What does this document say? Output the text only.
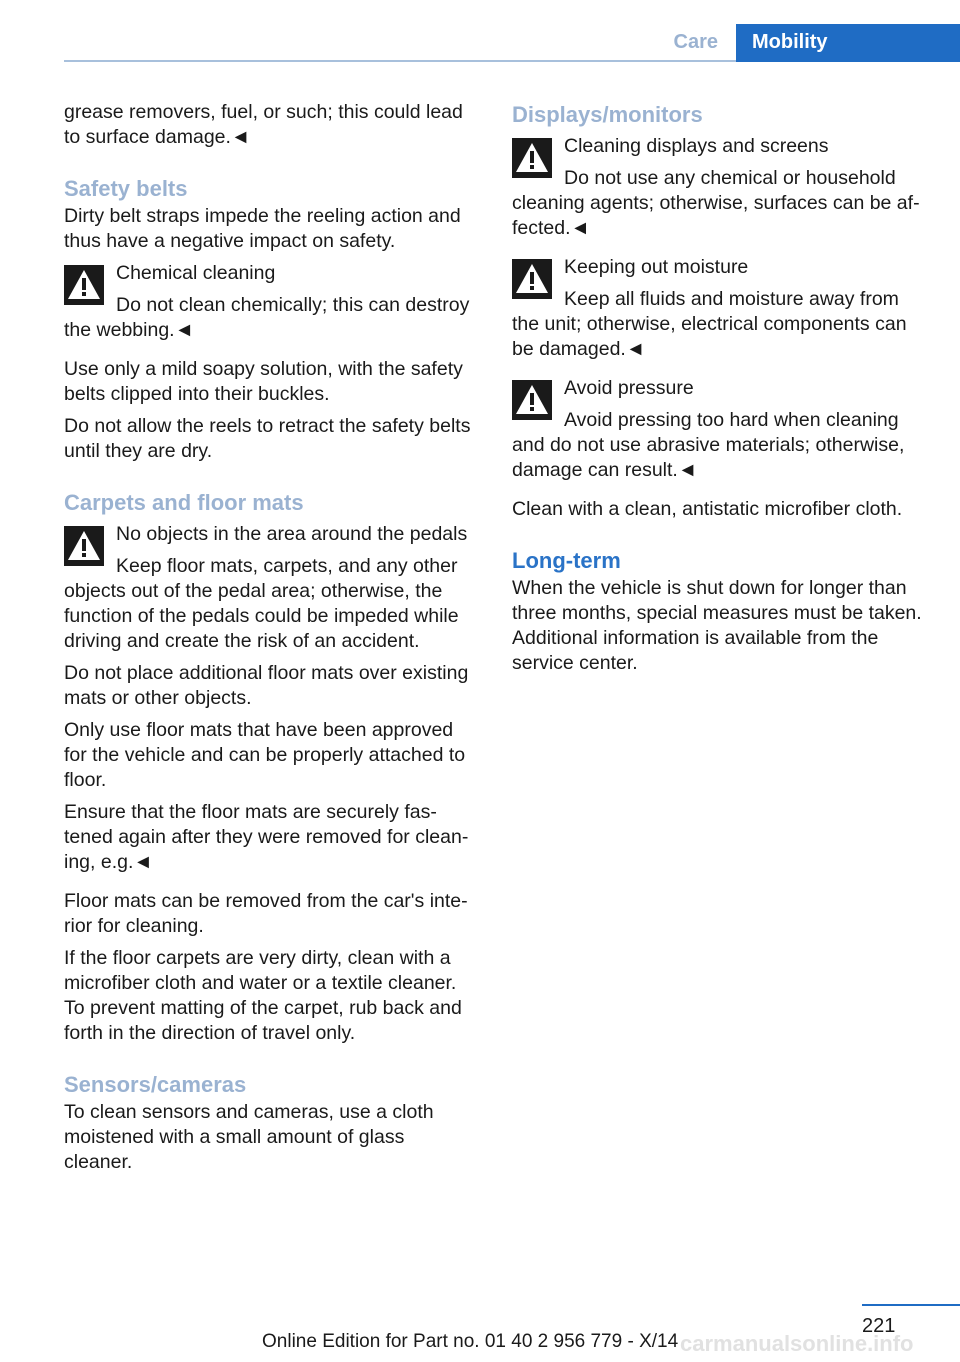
Care	Mobility

grease removers, fuel, or such; this could lead to surface damage.◄

Safety belts

Dirty belt straps impede the reeling action and thus have a negative impact on safety.

Chemical cleaning
Do not clean chemically; this can destroy
the webbing.◄

Use only a mild soapy solution, with the safety belts clipped into their buckles.

Do not allow the reels to retract the safety belts until they are dry.

Carpets and floor mats
No objects in the area around the pedals
Keep floor mats, carpets, and any other
objects out of the pedal area; otherwise, the function of the pedals could be impeded while driving and create the risk of an accident.

Do not place additional floor mats over existing mats or other objects.

Only use floor mats that have been approved for the vehicle and can be properly attached to floor.

Ensure that the floor mats are securely fas-tened again after they were removed for clean-ing, e.g.◄

Floor mats can be removed from the car's inte-rior for cleaning.

If the floor carpets are very dirty, clean with a microfiber cloth and water or a textile cleaner. To prevent matting of the carpet, rub back and forth in the direction of travel only.

Sensors/cameras

To clean sensors and cameras, use a cloth moistened with a small amount of glass cleaner.

Displays/monitors
Cleaning displays and screens
Do not use any chemical or household
cleaning agents; otherwise, surfaces can be af-fected.◄
Keeping out moisture
Keep all fluids and moisture away from
the unit; otherwise, electrical components can be damaged.◄
Avoid pressure
Avoid pressing too hard when cleaning
and do not use abrasive materials; otherwise, damage can result.◄

Clean with a clean, antistatic microfiber cloth.

Long-term

When the vehicle is shut down for longer than three months, special measures must be taken. Additional information is available from the service center.

221
Online Edition for Part no. 01 40 2 956 779 - X/14 carmanualsonline.info
